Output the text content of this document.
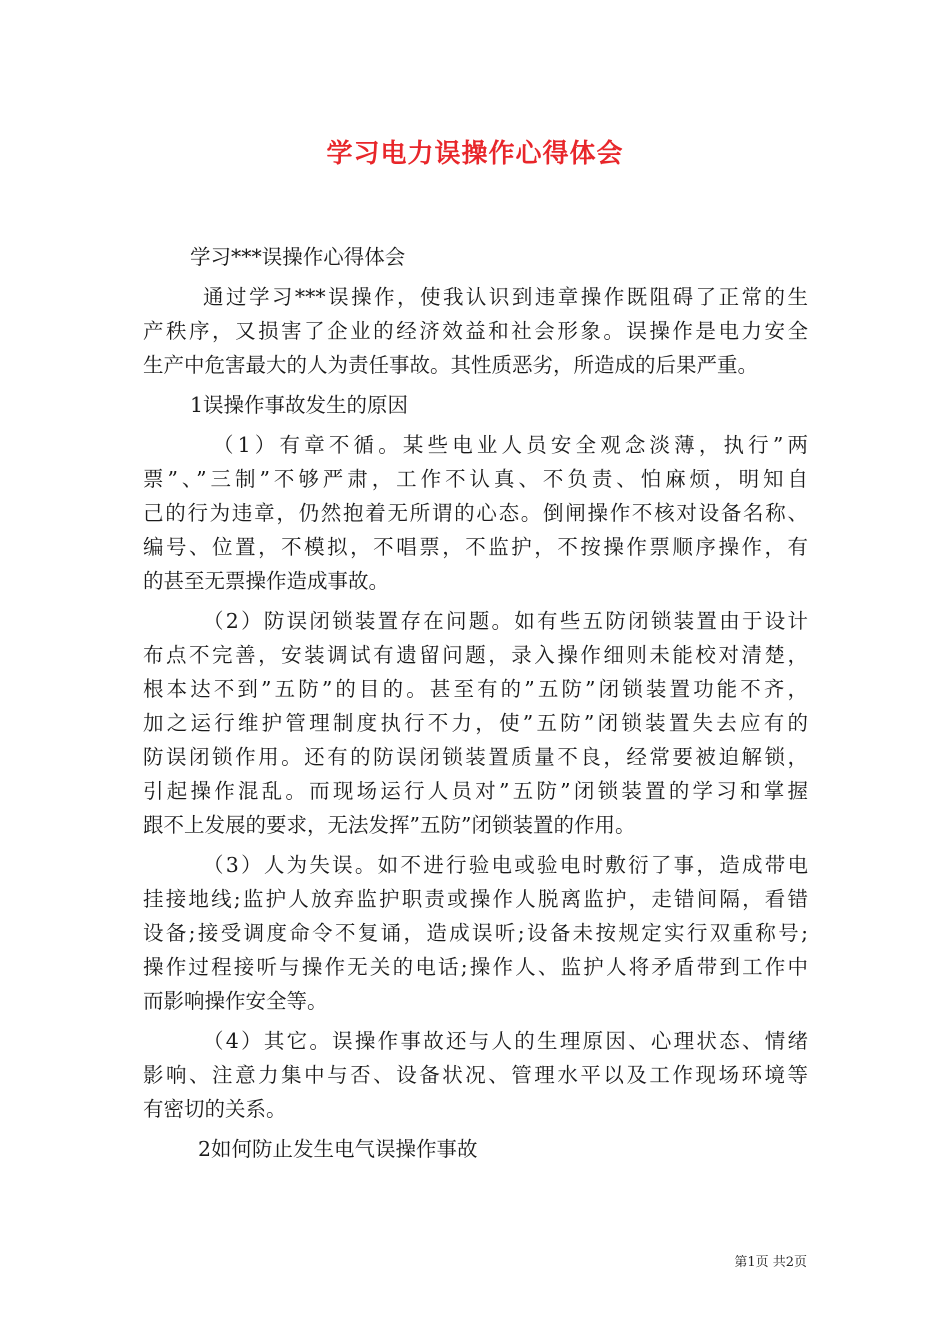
学习电力误操作心得体会
学习***误操作心得体会
通过学习***误操作，使我认识到违章操作既阻碍了正常的生
产秩序，又损害了企业的经济效益和社会形象。误操作是电力安全
生产中危害最大的人为责任事故。其性质恶劣，所造成的后果严重。
1误操作事故发生的原因
（1）有章不循。某些电业人员安全观念淡薄，执行”两
票”、”三制”不够严肃，工作不认真、不负责、怕麻烦，明知自
己的行为违章，仍然抱着无所谓的心态。倒闸操作不核对设备名称、
编号、位置，不模拟，不唱票，不监护，不按操作票顺序操作，有
的甚至无票操作造成事故。
（2）防误闭锁装置存在问题。如有些五防闭锁装置由于设计
布点不完善，安装调试有遗留问题，录入操作细则未能校对清楚，
根本达不到”五防”的目的。甚至有的”五防”闭锁装置功能不齐，
加之运行维护管理制度执行不力，使”五防”闭锁装置失去应有的
防误闭锁作用。还有的防误闭锁装置质量不良，经常要被迫解锁，
引起操作混乱。而现场运行人员对”五防”闭锁装置的学习和掌握
跟不上发展的要求，无法发挥”五防”闭锁装置的作用。
（3）人为失误。如不进行验电或验电时敷衍了事，造成带电
挂接地线;监护人放弃监护职责或操作人脱离监护，走错间隔，看错
设备;接受调度命令不复诵，造成误听;设备未按规定实行双重称号;
操作过程接听与操作无关的电话;操作人、监护人将矛盾带到工作中
而影响操作安全等。
（4）其它。误操作事故还与人的生理原因、心理状态、情绪
影响、注意力集中与否、设备状况、管理水平以及工作现场环境等
有密切的关系。
2如何防止发生电气误操作事故
第1页 共2页
